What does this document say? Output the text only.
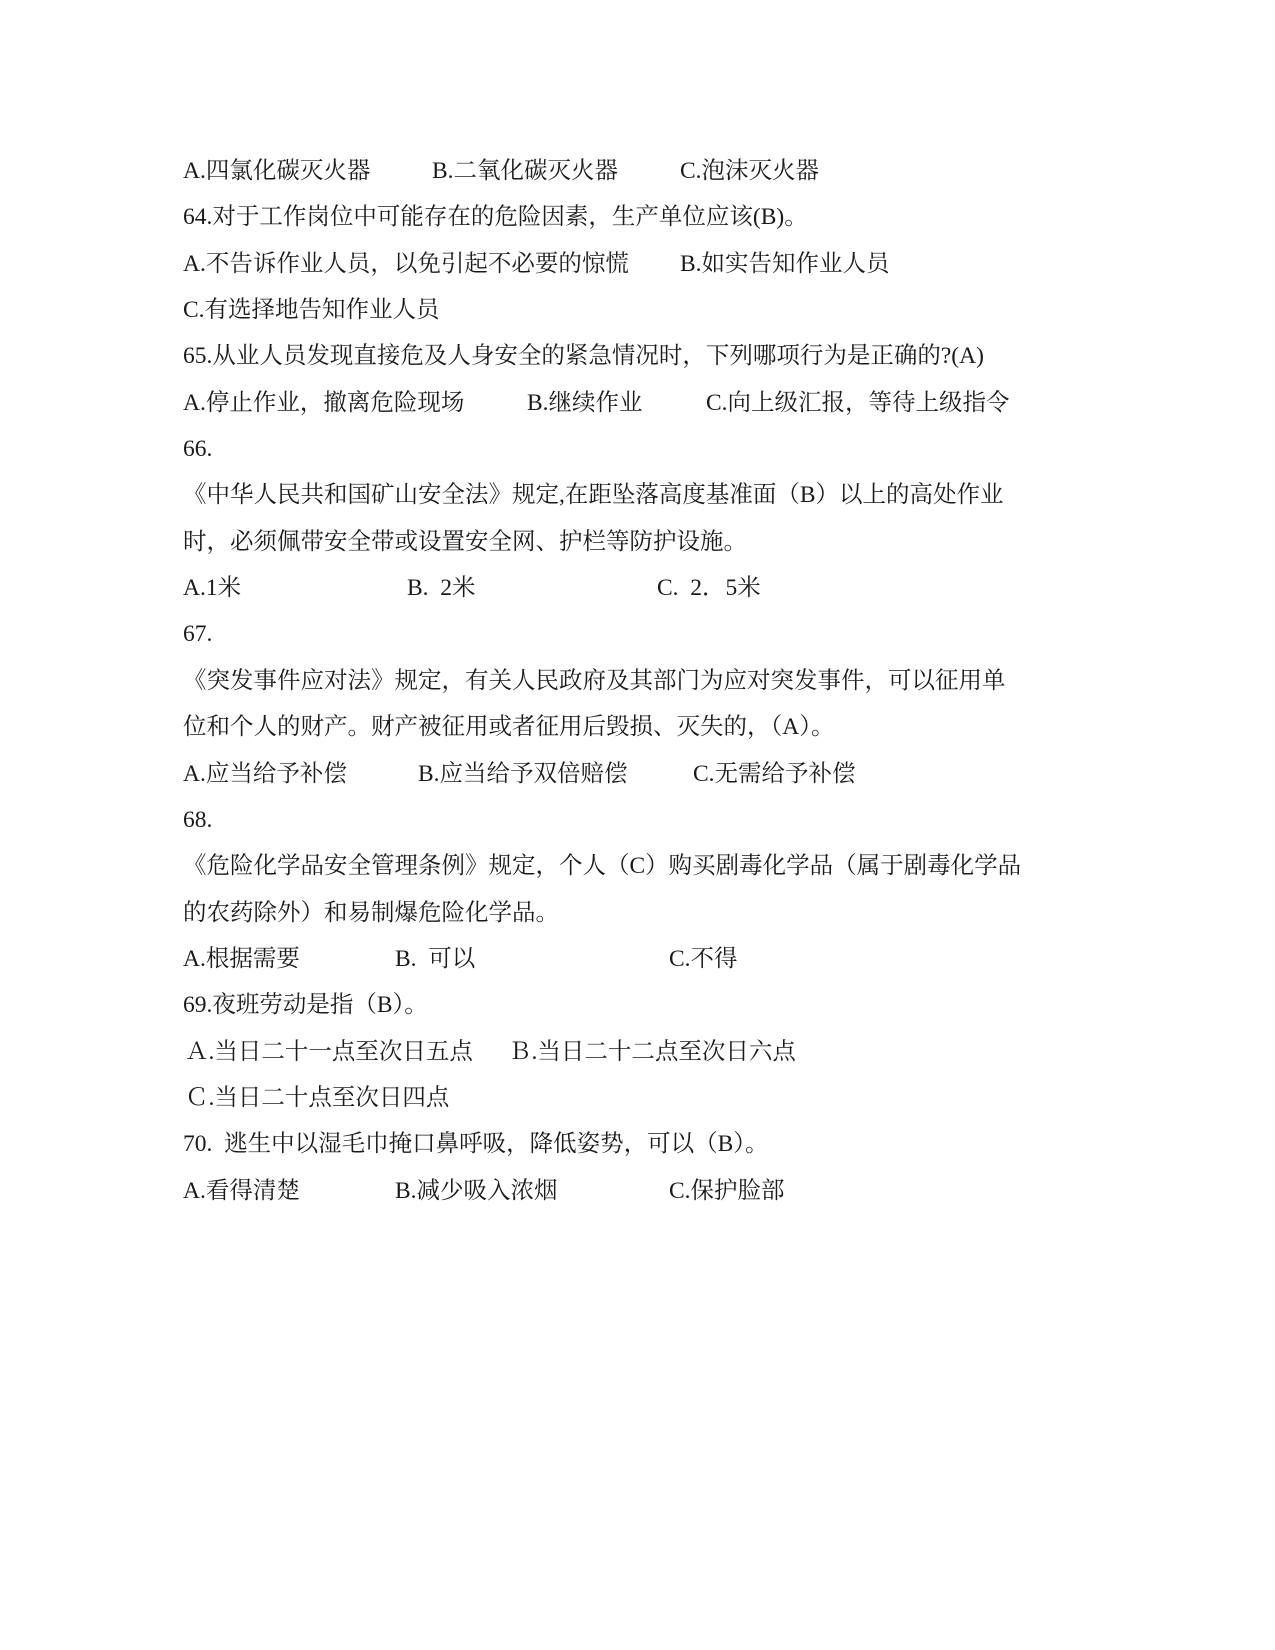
A.四氯化碳灭火器

	B.二氧化碳灭火器

	C.泡沫灭火器

64.对于工作岗位中可能存在的危险因素，生产单位应该(B)。

A.不告诉作业人员，以免引起不必要的惊慌

B.如实告知作业人员

C.有选择地告知作业人员
65.从业人员发现直接危及人身安全的紧急情况时，下列哪项行为是正确的?(A)

A.停止作业，撤离危险现场

	B.继续作业

	C.向上级汇报，等待上级指令

66.
《中华人民共和国矿山安全法》规定,在距坠落高度基准面（B）以上的高处作业
时，必须佩带安全带或设置安全网、护栏等防护设施。

A.1米

	B.  2米

	C.  2．5米

67.
《突发事件应对法》规定，有关人民政府及其部门为应对突发事件，可以征用单
位和个人的财产。财产被征用或者征用后毁损、灭失的，（A）。

A.应当给予补偿

	B.应当给予双倍赔偿

	C.无需给予补偿

68.
《危险化学品安全管理条例》规定，个人（C）购买剧毒化学品（属于剧毒化学品
的农药除外）和易制爆危险化学品。

A.根据需要

	B.  可以

	C.不得

69.夜班劳动是指（B）。

Ａ.当日二十一点至次日五点

Ｂ.当日二十二点至次日六点

Ｃ.当日二十点至次日四点
70.  逃生中以湿毛巾掩口鼻呼吸，降低姿势，可以（B）。

A.看得清楚

	B.减少吸入浓烟

	C.保护脸部
